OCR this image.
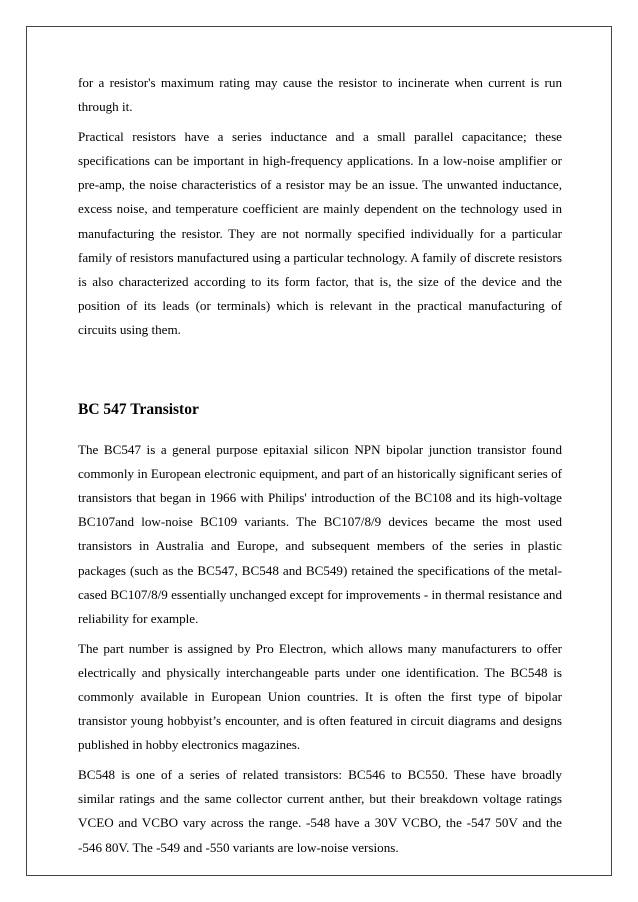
for a resistor's maximum rating may cause the resistor to incinerate when current is run through it.

Practical resistors have a series inductance and a small parallel capacitance; these specifications can be important in high-frequency applications. In a low-noise amplifier or pre-amp, the noise characteristics of a resistor may be an issue. The unwanted inductance, excess noise, and temperature coefficient are mainly dependent on the technology used in manufacturing the resistor. They are not normally specified individually for a particular family of resistors manufactured using a particular technology. A family of discrete resistors is also characterized according to its form factor, that is, the size of the device and the position of its leads (or terminals) which is relevant in the practical manufacturing of circuits using them.

BC 547 Transistor

The BC547 is a general purpose epitaxial silicon NPN bipolar junction transistor found commonly in European electronic equipment, and part of an historically significant series of transistors that began in 1966 with Philips' introduction of the BC108 and its high-voltage BC107and low-noise BC109 variants. The BC107/8/9 devices became the most used transistors in Australia and Europe, and subsequent members of the series in plastic packages (such as the BC547, BC548 and BC549) retained the specifications of the metal-cased BC107/8/9 essentially unchanged except for improvements - in thermal resistance and reliability for example.

The part number is assigned by Pro Electron, which allows many manufacturers to offer electrically and physically interchangeable parts under one identification. The BC548 is commonly available in European Union countries. It is often the first type of bipolar transistor young hobbyist’s encounter, and is often featured in circuit diagrams and designs published in hobby electronics magazines.

BC548 is one of a series of related transistors: BC546 to BC550. These have broadly similar ratings and the same collector current anther, but their breakdown voltage ratings VCEO and VCBO vary across the range. -548 have a 30V VCBO, the -547 50V and the -546 80V. The -549 and -550 variants are low-noise versions.
